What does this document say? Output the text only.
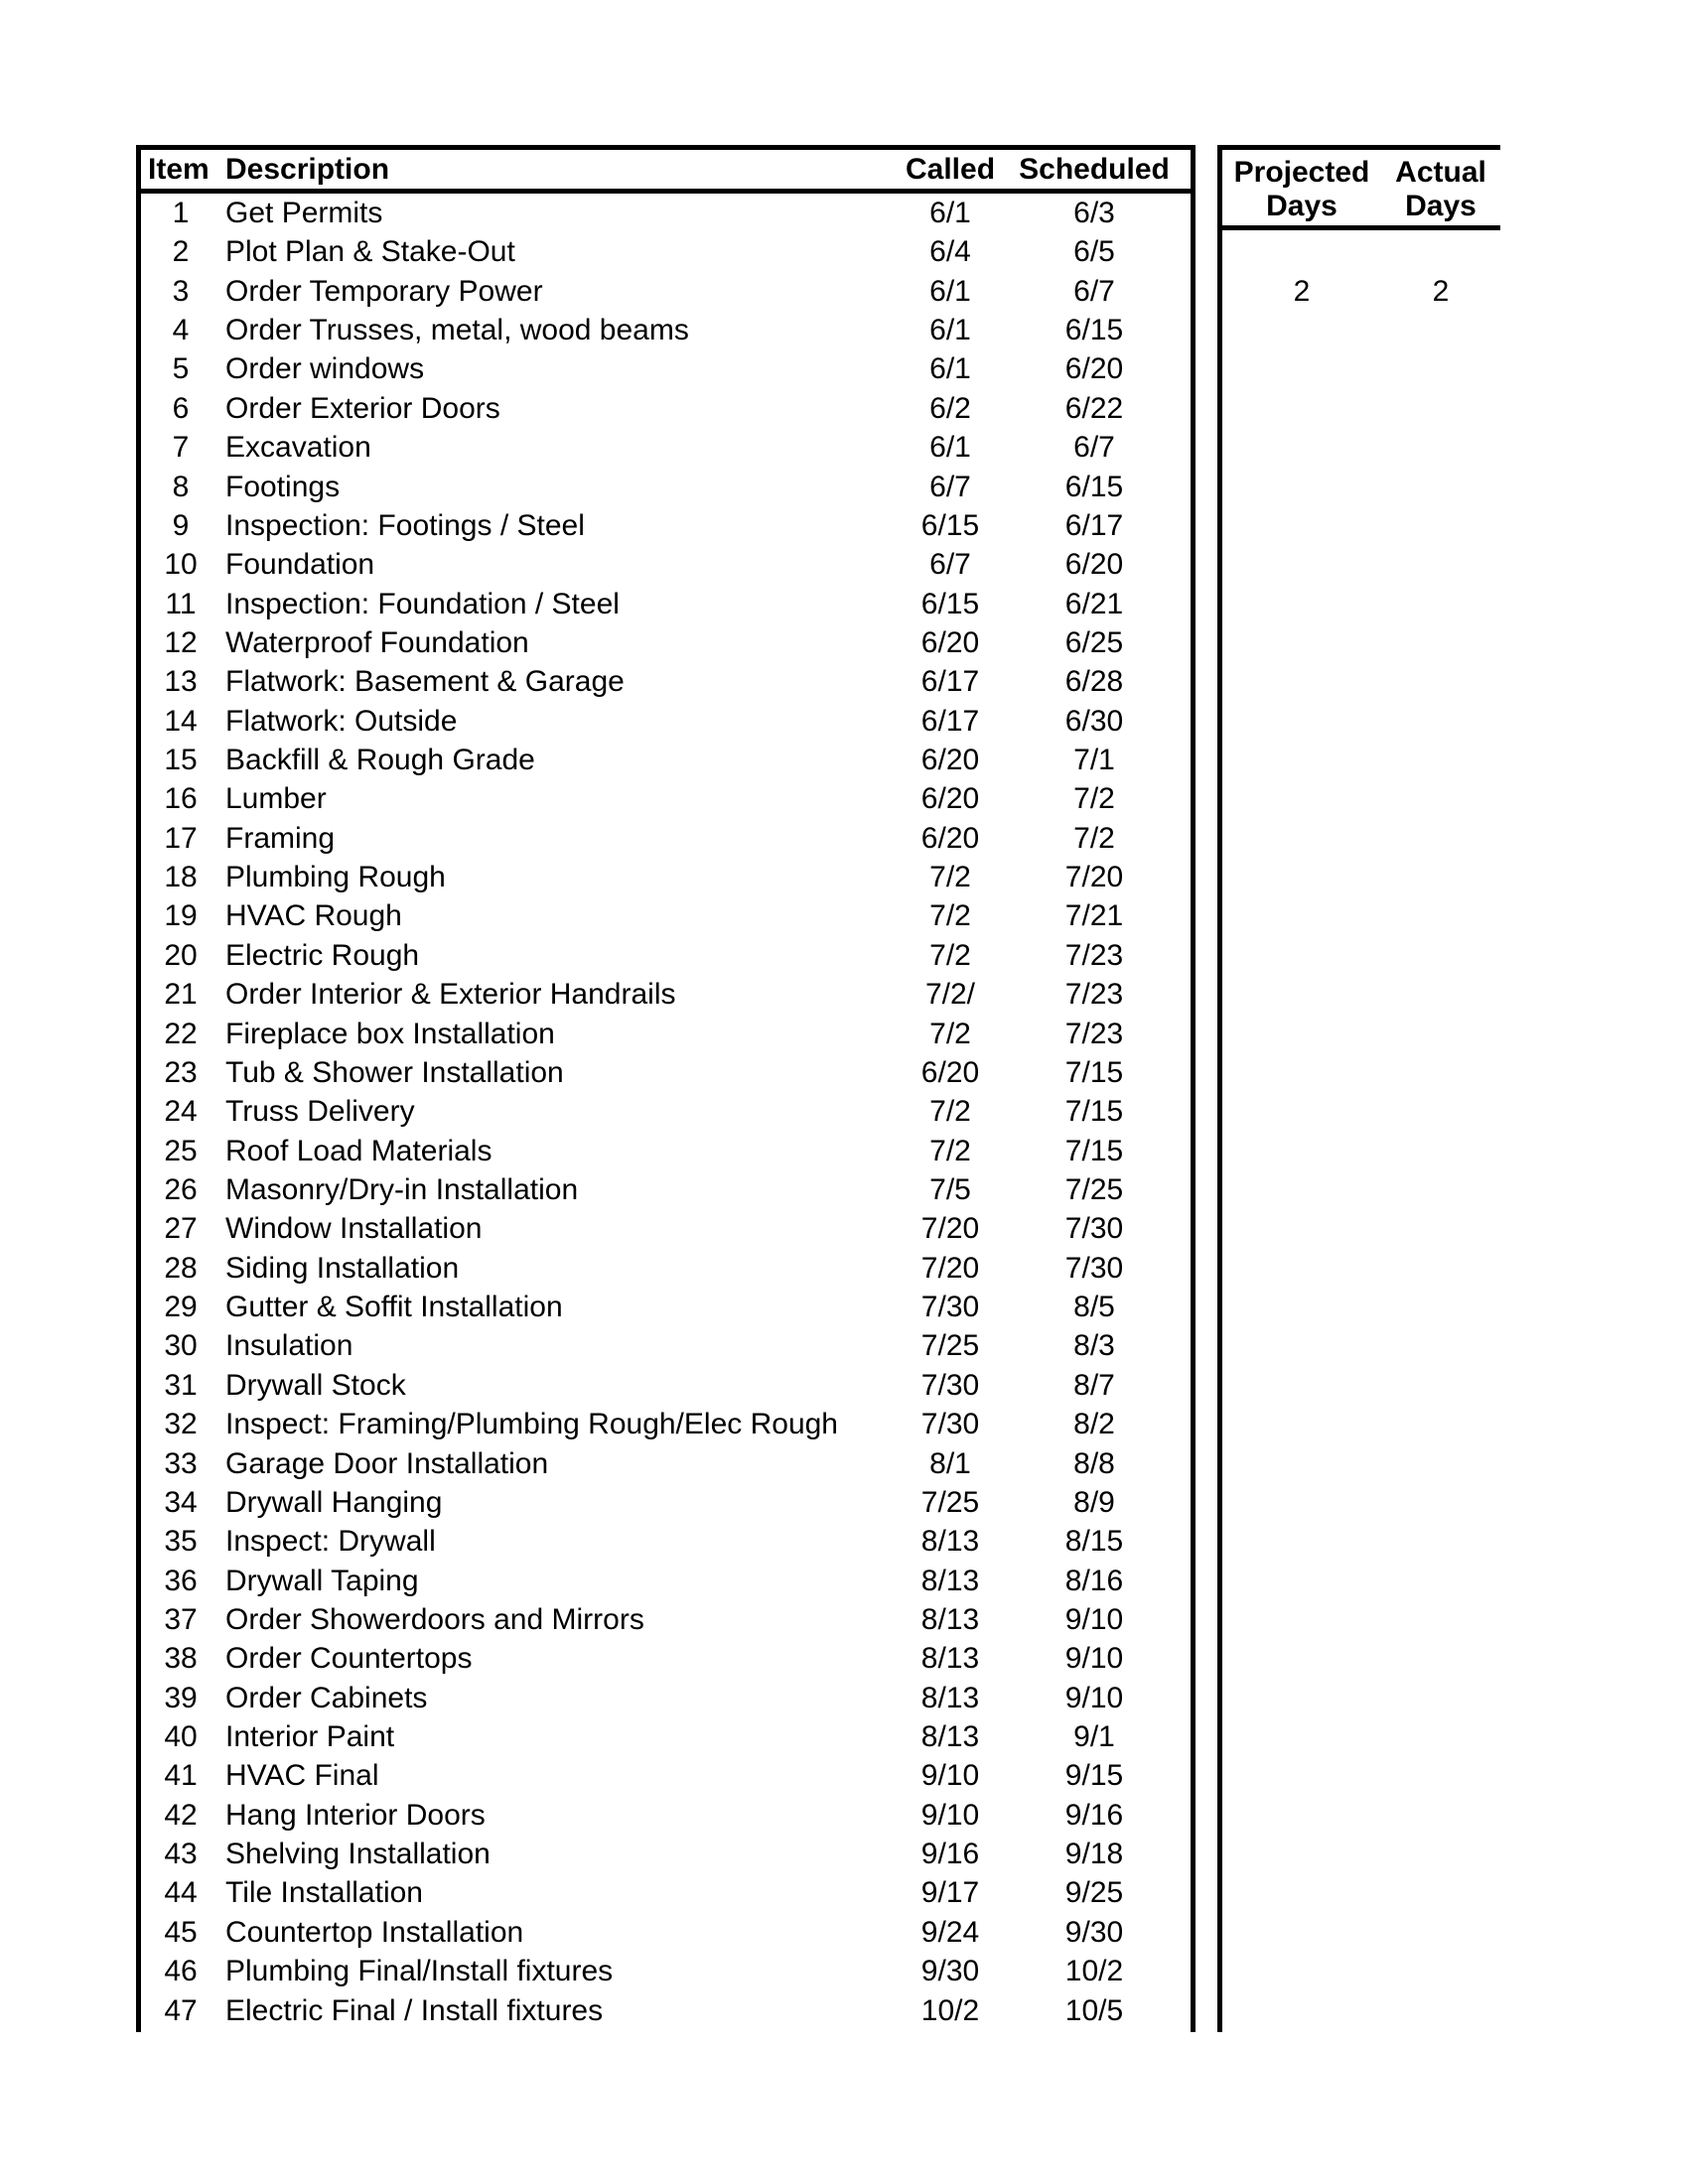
Item Description	Called Scheduled
1	Get Permits	6/1	6/3
2	Plot Plan & Stake-Out	6/4	6/5
3	Order Temporary Power	6/1	6/7
4	Order Trusses, metal, wood beams	6/1	6/15
5	Order windows	6/1	6/20
6	Order Exterior Doors	6/2	6/22
7	Excavation	6/1	6/7
8	Footings	6/7	6/15
9	Inspection: Footings / Steel	6/15	6/17
10 Foundation	6/7	6/20
11 Inspection: Foundation / Steel	6/15	6/21
12 Waterproof Foundation	6/20	6/25
13 Flatwork: Basement & Garage	6/17	6/28
14 Flatwork: Outside	6/17	6/30
15 Backfill & Rough Grade	6/20	7/1
16 Lumber	6/20	7/2
17 Framing	6/20	7/2
18 Plumbing Rough	7/2	7/20
19 HVAC Rough	7/2	7/21
20 Electric Rough	7/2	7/23
21 Order Interior & Exterior Handrails	7/2/	7/23
22 Fireplace box Installation	7/2	7/23
23 Tub & Shower Installation	6/20	7/15
24 Truss Delivery	7/2	7/15
25 Roof Load Materials	7/2	7/15
26 Masonry/Dry-in Installation	7/5	7/25
27 Window Installation	7/20	7/30
28 Siding Installation	7/20	7/30
29 Gutter & Soffit Installation	7/30	8/5
30 Insulation	7/25	8/3
31 Drywall Stock	7/30	8/7
32 Inspect: Framing/Plumbing Rough/Elec Rough	7/30	8/2
33 Garage Door Installation	8/1	8/8
34 Drywall Hanging	7/25	8/9
35 Inspect: Drywall	8/13	8/15
36 Drywall Taping	8/13	8/16
37 Order Showerdoors and Mirrors	8/13	9/10
38 Order Countertops	8/13	9/10
39 Order Cabinets	8/13	9/10
40 Interior Paint	8/13	9/1
41 HVAC Final	9/10	9/15
42 Hang Interior Doors	9/10	9/16
43 Shelving Installation	9/16	9/18
44 Tile Installation	9/17	9/25
45 Countertop Installation	9/24	9/30
46 Plumbing Final/Install fixtures	9/30	10/2
47 Electric Final / Install fixtures	10/2	10/5
Projected
Days
Actual
Days
2	2
